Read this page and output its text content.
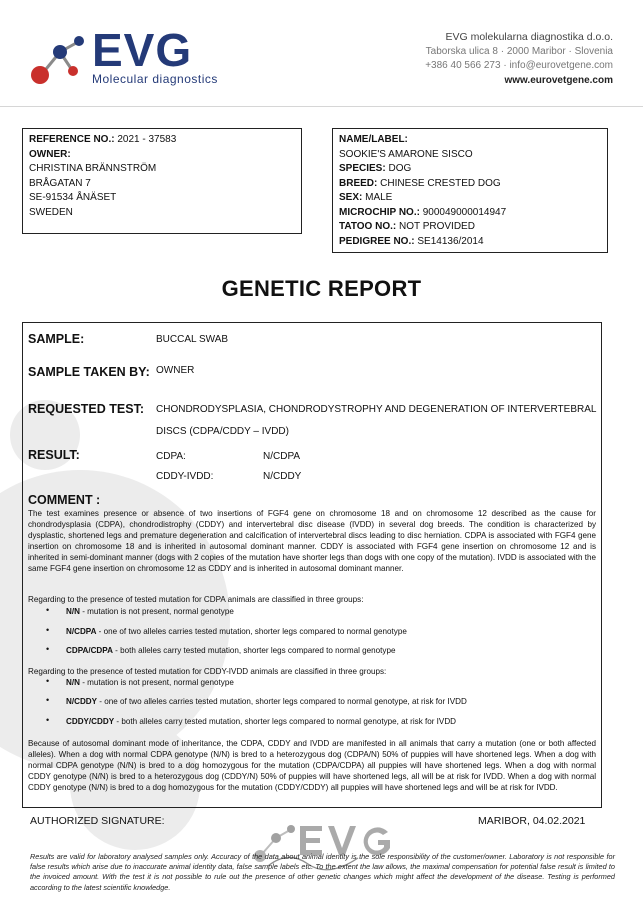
EVG
Molecular diagnostics
EVG molekularna diagnostika d.o.o.
Taborska ulica 8 · 2000 Maribor · Slovenia
+386 40 566 273 · info@eurovetgene.com
www.eurovetgene.com
REFERENCE NO.: 2021 - 37583
OWNER:
CHRISTINA BRÄNNSTRÖM
BRÅGATAN 7
SE-91534 ÅNÄSET
SWEDEN
NAME/LABEL:
SOOKIE'S AMARONE SISCO
SPECIES: DOG
BREED: CHINESE CRESTED DOG
SEX: MALE
MICROCHIP NO.: 900049000014947
TATOO NO.: NOT PROVIDED
PEDIGREE NO.: SE14136/2014
GENETIC REPORT
SAMPLE:	BUCCAL SWAB
SAMPLE TAKEN BY: OWNER
REQUESTED TEST: CHONDRODYSPLASIA, CHONDRODYSTROPHY AND DEGENERATION OF INTERVERTEBRAL
DISCS (CDPA/CDDY – IVDD)
RESULT:	CDPA:	N/CDPA
CDDY-IVDD:	N/CDDY
COMMENT :
The test examines presence or absence of two insertions of FGF4 gene on chromosome 18 and on chromosome 12 described as the cause for chondrodysplasia (CDPA), chondrodistrophy (CDDY) and intervertebral disc disease (IVDD) in several dog breeds. The condition is characterized by dysplastic, shortened legs and premature degeneration and calcification of intervertebral discs leading to disc herniation. CDPA is associated with FGF4 gene insertion on chromosome 18 and is inherited in autosomal dominant manner. CDDY is associated with FGF4 gene insertion on chromosome 12 and is inherited in semi-dominant manner (dogs with 2 copies of the mutation have shorter legs than dogs with one copy of the mutation). IVDD is associated with the same FGF4 gene insertion on chromosome 12 as CDDY and is inherited in autosomal dominant manner.
Regarding to the presence of tested mutation for CDPA animals are classified in three groups:
• N/N - mutation is not present, normal genotype
• N/CDPA - one of two alleles carries tested mutation, shorter legs compared to normal genotype
• CDPA/CDPA - both alleles carry tested mutation, shorter legs compared to normal genotype
Regarding to the presence of tested mutation for CDDY-IVDD animals are classified in three groups:
• N/N - mutation is not present, normal genotype
• N/CDDY - one of two alleles carries tested mutation, shorter legs compared to normal genotype, at risk for IVDD
• CDDY/CDDY - both alleles carry tested mutation, shorter legs compared to normal genotype, at risk for IVDD
Because of autosomal dominant mode of inheritance, the CDPA, CDDY and IVDD are manifested in all animals that carry a mutation (one or both affected alleles). When a dog with normal CDPA genotype (N/N) is bred to a heterozygous dog (CDPA/N) 50% of puppies will have shortened legs. When a dog with normal CDPA genotype (N/N) is bred to a dog homozygous for the mutation (CDPA/CDPA) all puppies will have shortened legs. When a dog with normal CDDY genotype (N/N) is bred to a heterozygous dog (CDDY/N) 50% of puppies will have shortened legs, all will be at risk for IVDD. When a dog with normal CDDY genotype (N/N) is bred to a dog homozygous for the mutation (CDDY/CDDY) all puppies will have shortened legs and will be at risk for IVDD.
AUTHORIZED SIGNATURE:	MARIBOR, 04.02.2021
Results are valid for laboratory analysed samples only. Accuracy of the data about animal identity is the sole responsibility of the customer/owner. Laboratory is not responsible for false results which arise due to inaccurate animal identity data, false sample labels etc. To the extent the law allows, the maximal compensation for potential false result is limited to the invoiced amount. With the test it is not possible to rule out the presence of other genetic changes which might affect the development of the disease. Testing is performed according to the latest scientific knowledge.
